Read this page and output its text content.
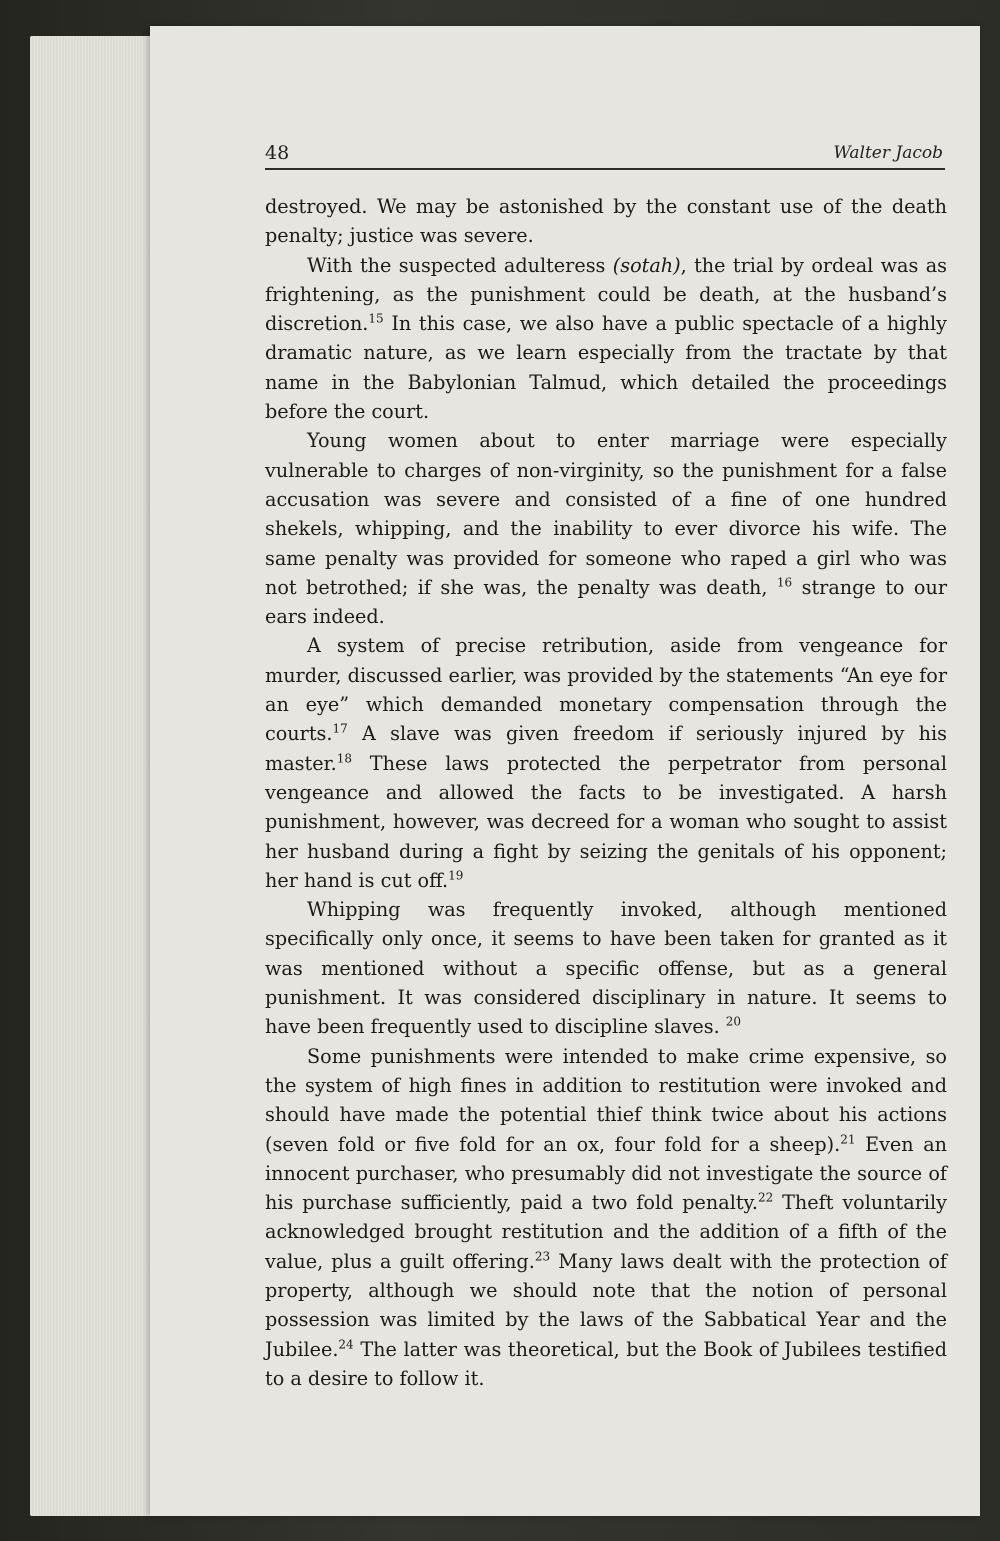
48	Walter Jacob

destroyed. We may be astonished by the constant use of the death penalty; justice was severe.

With the suspected adulteress (sotah), the trial by ordeal was as frightening, as the punishment could be death, at the husband’s discretion.$^{15}$ In this case, we also have a public spectacle of a highly dramatic nature, as we learn especially from the tractate by that name in the Babylonian Talmud, which detailed the proceedings before the court.

Young women about to enter marriage were especially vulnerable to charges of non-virginity, so the punishment for a false accusation was severe and consisted of a fine of one hundred shekels, whipping, and the inability to ever divorce his wife. The same penalty was provided for someone who raped a girl who was not betrothed; if she was, the penalty was death, $^{16}$ strange to our ears indeed.

A system of precise retribution, aside from vengeance for murder, discussed earlier, was provided by the statements “An eye for an eye” which demanded monetary compensation through the courts.$^{17}$ A slave was given freedom if seriously injured by his master.$^{18}$ These laws protected the perpetrator from personal vengeance and allowed the facts to be investigated. A harsh punishment, however, was decreed for a woman who sought to assist her husband during a fight by seizing the genitals of his opponent; her hand is cut off.$^{19}$

Whipping was frequently invoked, although mentioned specifically only once, it seems to have been taken for granted as it was mentioned without a specific offense, but as a general punishment. It was considered disciplinary in nature. It seems to have been frequently used to discipline slaves. $^{20}$

Some punishments were intended to make crime expensive, so the system of high fines in addition to restitution were invoked and should have made the potential thief think twice about his actions (seven fold or five fold for an ox, four fold for a sheep).$^{21}$ Even an innocent purchaser, who presumably did not investigate the source of his purchase sufficiently, paid a two fold penalty.$^{22}$ Theft voluntarily acknowledged brought restitution and the addition of a fifth of the value, plus a guilt offering.$^{23}$ Many laws dealt with the protection of property, although we should note that the notion of personal possession was limited by the laws of the Sabbatical Year and the Jubilee.$^{24}$ The latter was theoretical, but the Book of Jubilees testified to a desire to follow it.
